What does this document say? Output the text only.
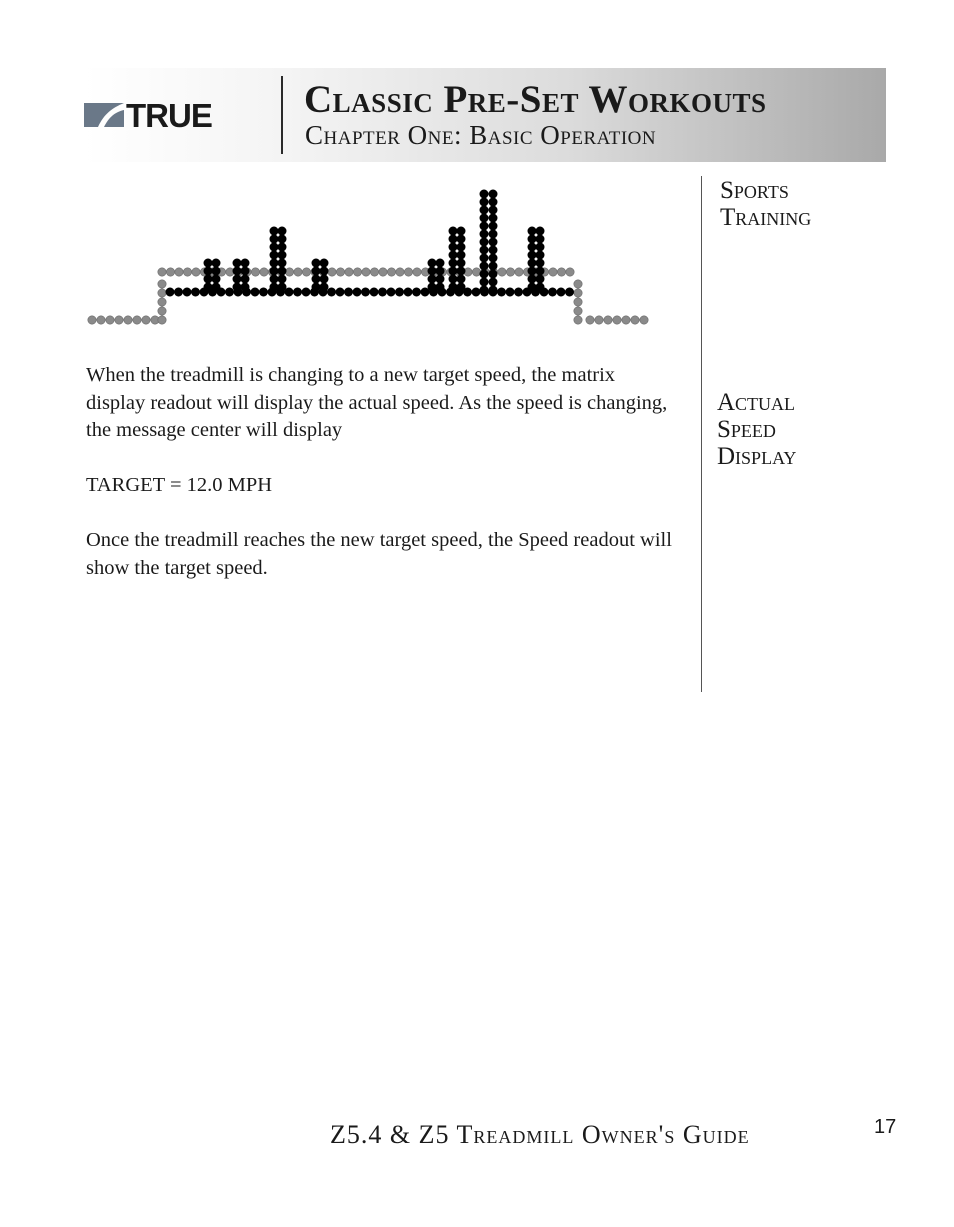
TRUE Classic Pre-Set Workouts
Chapter One: Basic Operation
Sports
Training
Actual
Speed
Display

When the treadmill is changing to a new target speed, the matrix display readout will display the actual speed. As the speed is changing, the message center will display

TARGET = 12.0 MPH

Once the treadmill reaches the new target speed, the Speed readout will show the target speed.

Z5.4 & Z5 Treadmill Owner's Guide	17
